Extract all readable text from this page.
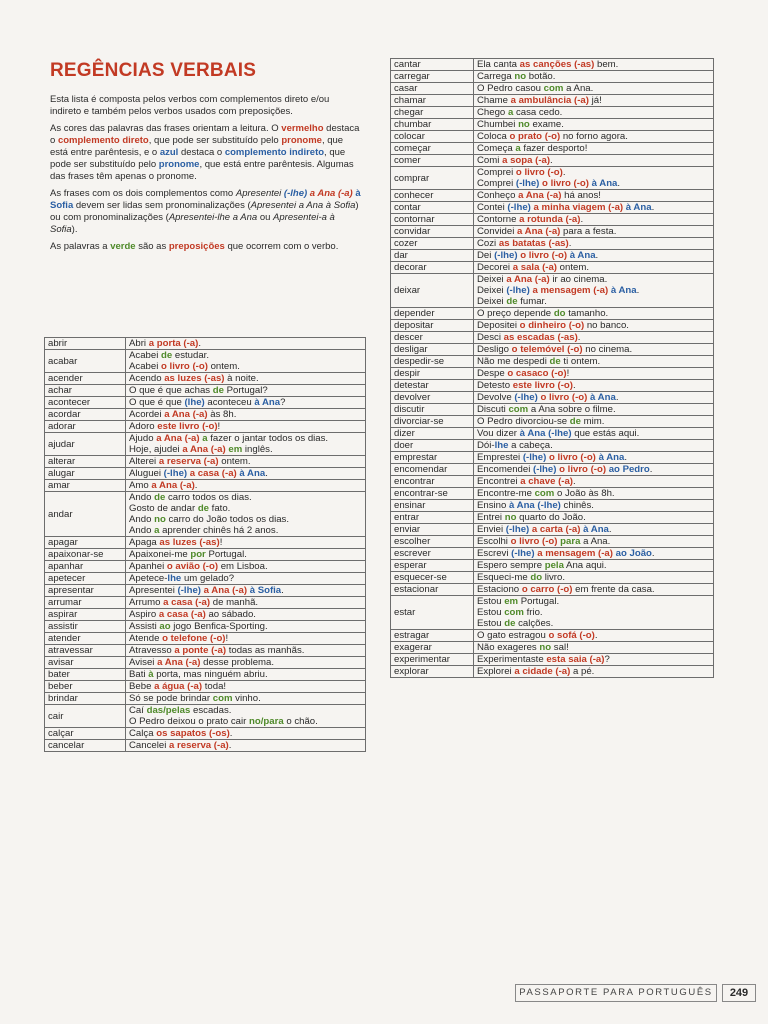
REGÊNCIAS VERBAIS

Esta lista é composta pelos verbos com complementos direto e/ou indireto e também pelos verbos usados com preposições.

As cores das palavras das frases orientam a leitura. O vermelho destaca o complemento direto, que pode ser substituído pelo pronome, que está entre parêntesis, e o azul destaca o complemento indireto, que pode ser substituído pelo pronome, que está entre parêntesis. Algumas das frases têm apenas o pronome.

As frases com os dois complementos como Apresentei (-lhe) a Ana (-a) à Sofia devem ser lidas sem pronominalizações (Apresentei a Ana à Sofia) ou com pronominalizações (Apresentei-lhe a Ana ou Apresentei-a à Sofia).

As palavras a verde são as preposições que ocorrem com o verbo.

abrir	Abri a porta (-a).

acabar	Acabei de estudar.
Acabei o livro (-o) ontem.

acender	Acendo as luzes (-as) à noite.

achar	O que é que achas de Portugal?

acontecer	O que é que (lhe) aconteceu à Ana?

acordar	Acordei a Ana (-a) às 8h.

adorar	Adoro este livro (-o)!

ajudar	Ajudo a Ana (-a) a fazer o jantar todos os dias.
Hoje, ajudei a Ana (-a) em inglês.

alterar	Alterei a reserva (-a) ontem.

alugar	Aluguei (-lhe) a casa (-a) à Ana.

amar	Amo a Ana (-a).

andar	Ando de carro todos os dias.
Gosto de andar de fato.
Ando no carro do João todos os dias.
Ando a aprender chinês há 2 anos.

apagar	Apaga as luzes (-as)!

apaixonar-se	Apaixonei-me por Portugal.

apanhar	Apanhei o avião (-o) em Lisboa.

apetecer	Apetece-lhe um gelado?

apresentar	Apresentei (-lhe) a Ana (-a) à Sofia.

arrumar	Arrumo a casa (-a) de manhã.

aspirar	Aspiro a casa (-a) ao sábado.

assistir	Assisti ao jogo Benfica-Sporting.

atender	Atende o telefone (-o)!

atravessar	Atravesso a ponte (-a) todas as manhãs.

avisar	Avisei a Ana (-a) desse problema.

bater	Bati à porta, mas ninguém abriu.

beber	Bebe a água (-a) toda!

brindar	Só se pode brindar com vinho.

cair	Caí das/pelas escadas.
O Pedro deixou o prato cair no/para o chão.

calçar	Calça os sapatos (-os).

cancelar	Cancelei a reserva (-a).
cantar	Ela canta as canções (-as) bem.

carregar	Carrega no botão.

casar	O Pedro casou com a Ana.

chamar	Chame a ambulância (-a) já!

chegar	Chego a casa cedo.

chumbar	Chumbei no exame.

colocar	Coloca o prato (-o) no forno agora.

começar	Começa a fazer desporto!

comer	Comi a sopa (-a).

comprar	Comprei o livro (-o).
Comprei (-lhe) o livro (-o) à Ana.

conhecer	Conheço a Ana (-a) há anos!

contar	Contei (-lhe) a minha viagem (-a) à Ana.

contornar	Contorne a rotunda (-a).

convidar	Convidei a Ana (-a) para a festa.

cozer	Cozi as batatas (-as).

dar	Dei (-lhe) o livro (-o) à Ana.

decorar	Decorei a sala (-a) ontem.

deixar	Deixei a Ana (-a) ir ao cinema.
Deixei (-lhe) a mensagem (-a) à Ana.
Deixei de fumar.

depender	O preço depende do tamanho.

depositar	Depositei o dinheiro (-o) no banco.

descer	Desci as escadas (-as).

desligar	Desligo o telemóvel (-o) no cinema.

despedir-se	Não me despedi de ti ontem.

despir	Despe o casaco (-o)!

detestar	Detesto este livro (-o).

devolver	Devolve (-lhe) o livro (-o) à Ana.

discutir	Discuti com a Ana sobre o filme.

divorciar-se	O Pedro divorciou-se de mim.

dizer	Vou dizer à Ana (-lhe) que estás aqui.

doer	Dói-lhe a cabeça.

emprestar	Emprestei (-lhe) o livro (-o) à Ana.

encomendar	Encomendei (-lhe) o livro (-o) ao Pedro.

encontrar	Encontrei a chave (-a).

encontrar-se	Encontre-me com o João às 8h.

ensinar	Ensino à Ana (-lhe) chinês.

entrar	Entrei no quarto do João.

enviar	Enviei (-lhe) a carta (-a) à Ana.

escolher	Escolhi o livro (-o) para a Ana.

escrever	Escrevi (-lhe) a mensagem (-a) ao João.

esperar	Espero sempre pela Ana aqui.

esquecer-se	Esqueci-me do livro.

estacionar	Estaciono o carro (-o) em frente da casa.

estar	Estou em Portugal.
Estou com frio.
Estou de calções.

estragar	O gato estragou o sofá (-o).

exagerar	Não exageres no sal!

experimentar	Experimentaste esta saia (-a)?

explorar	Explorei a cidade (-a) a pé.
PASSAPORTE PARA PORTUGUÊS	249
